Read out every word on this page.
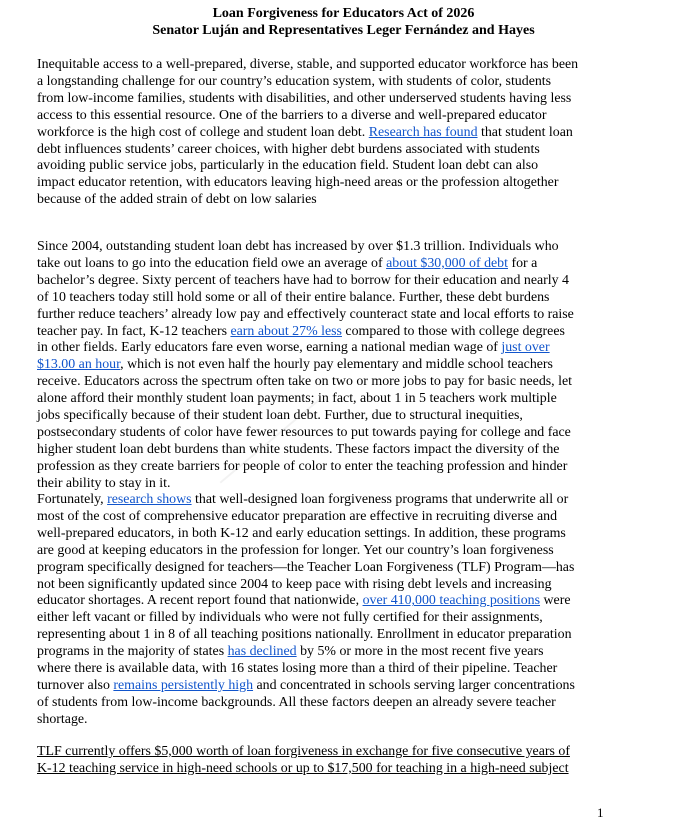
Loan Forgiveness for Educators Act of 2026
Senator Luján and Representatives Leger Fernández and Hayes
Inequitable access to a well-prepared, diverse, stable, and supported educator workforce has been
a longstanding challenge for our country’s education system, with students of color, students
from low-income families, students with disabilities, and other underserved students having less
access to this essential resource. One of the barriers to a diverse and well-prepared educator
workforce is the high cost of college and student loan debt. Research has found that student loan
debt influences students’ career choices, with higher debt burdens associated with students
avoiding public service jobs, particularly in the education field. Student loan debt can also
impact educator retention, with educators leaving high-need areas or the profession altogether
because of the added strain of debt on low salaries
Since 2004, outstanding student loan debt has increased by over $1.3 trillion. Individuals who
take out loans to go into the education field owe an average of about $30,000 of debt for a
bachelor’s degree. Sixty percent of teachers have had to borrow for their education and nearly 4
of 10 teachers today still hold some or all of their entire balance. Further, these debt burdens
further reduce teachers’ already low pay and effectively counteract state and local efforts to raise
teacher pay. In fact, K-12 teachers earn about 27% less compared to those with college degrees
in other fields. Early educators fare even worse, earning a national median wage of just over
$13.00 an hour, which is not even half the hourly pay elementary and middle school teachers
receive. Educators across the spectrum often take on two or more jobs to pay for basic needs, let
alone afford their monthly student loan payments; in fact, about 1 in 5 teachers work multiple
jobs specifically because of their student loan debt. Further, due to structural inequities,
postsecondary students of color have fewer resources to put towards paying for college and face
higher student loan debt burdens than white students. These factors impact the diversity of the
profession as they create barriers for people of color to enter the teaching profession and hinder
their ability to stay in it.
Fortunately, research shows that well-designed loan forgiveness programs that underwrite all or
most of the cost of comprehensive educator preparation are effective in recruiting diverse and
well-prepared educators, in both K-12 and early education settings. In addition, these programs
are good at keeping educators in the profession for longer. Yet our country’s loan forgiveness
program specifically designed for teachers—the Teacher Loan Forgiveness (TLF) Program—has
not been significantly updated since 2004 to keep pace with rising debt levels and increasing
educator shortages. A recent report found that nationwide, over 410,000 teaching positions were
either left vacant or filled by individuals who were not fully certified for their assignments,
representing about 1 in 8 of all teaching positions nationally. Enrollment in educator preparation
programs in the majority of states has declined by 5% or more in the most recent five years
where there is available data, with 16 states losing more than a third of their pipeline. Teacher
turnover also remains persistently high and concentrated in schools serving larger concentrations
of students from low-income backgrounds. All these factors deepen an already severe teacher
shortage.
TLF currently offers $5,000 worth of loan forgiveness in exchange for five consecutive years of
K-12 teaching service in high-need schools or up to $17,500 for teaching in a high-need subject
1
